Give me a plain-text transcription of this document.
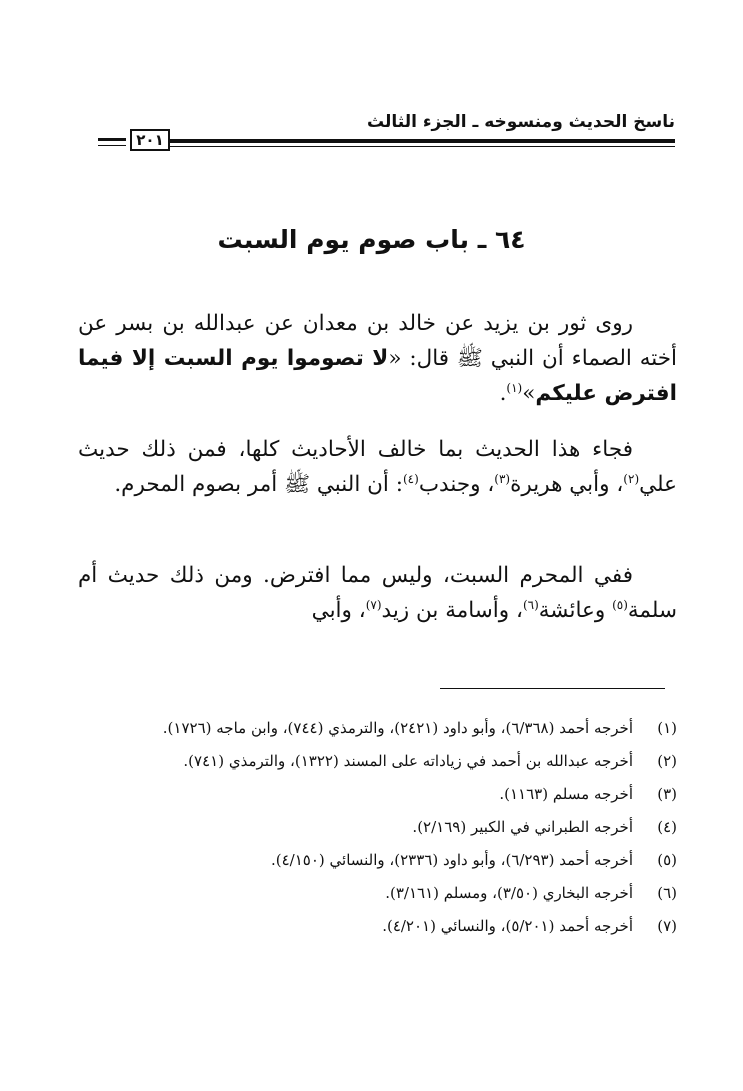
ناسخ الحديث ومنسوخه ـ الجزء الثالث
٢٠١
٦٤ ـ باب صوم يوم السبت
روى ثور بن يزيد عن خالد بن معدان عن عبدالله بن بسر عن أخته الصماء أن النبي ﷺ قال: «لا تصوموا يوم السبت إلا فيما افترض عليكم»$^{(١)}$.
فجاء هذا الحديث بما خالف الأحاديث كلها، فمن ذلك حديث علي$^{(٢)}$، وأبي هريرة$^{(٣)}$، وجندب$^{(٤)}$: أن النبي ﷺ أمر بصوم المحرم.
ففي المحرم السبت، وليس مما افترض. ومن ذلك حديث أم سلمة$^{(٥)}$ وعائشة$^{(٦)}$، وأسامة بن زيد$^{(٧)}$، وأبي
(١)
أخرجه أحمد (٦/٣٦٨)، وأبو داود (٢٤٢١)، والترمذي (٧٤٤)، وابن ماجه (١٧٢٦).
(٢)
أخرجه عبدالله بن أحمد في زياداته على المسند (١٣٢٢)، والترمذي (٧٤١).
(٣)
أخرجه مسلم (١١٦٣).
(٤)
أخرجه الطبراني في الكبير (٢/١٦٩).
(٥)
أخرجه أحمد (٦/٢٩٣)، وأبو داود (٢٣٣٦)، والنسائي (٤/١٥٠).
(٦)
أخرجه البخاري (٣/٥٠)، ومسلم (٣/١٦١).
(٧)
أخرجه أحمد (٥/٢٠١)، والنسائي (٤/٢٠١).
